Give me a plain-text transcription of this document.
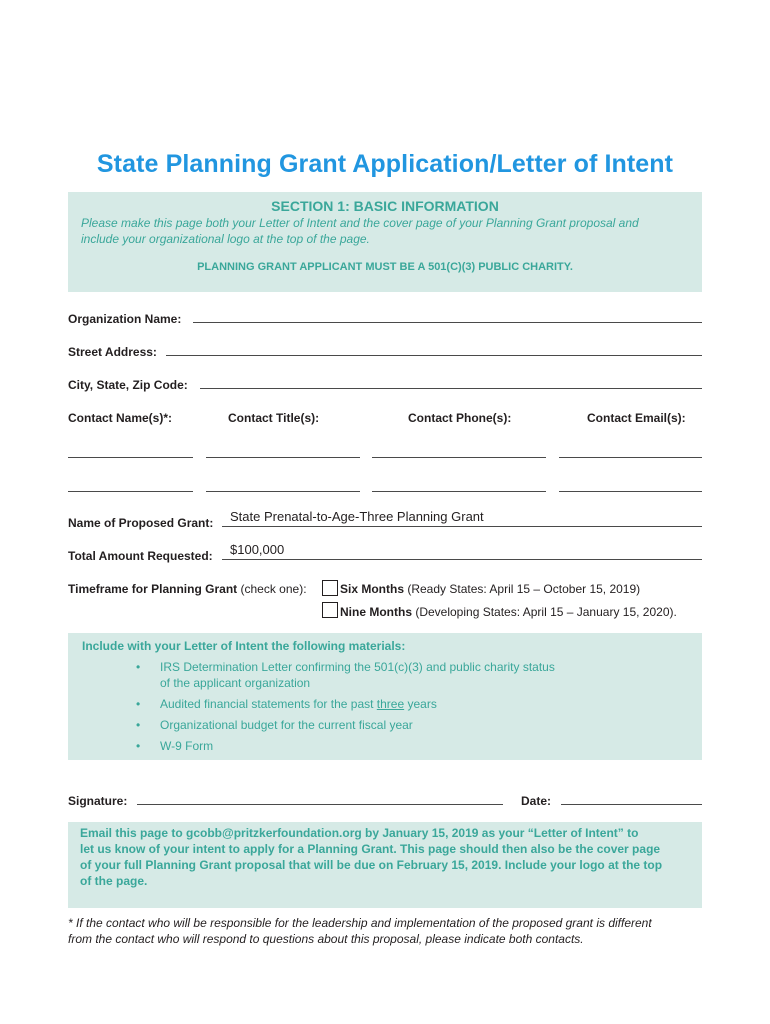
State Planning Grant Application/Letter of Intent
SECTION 1: BASIC INFORMATION
Please make this page both your Letter of Intent and the cover page of your Planning Grant proposal and
include your organizational logo at the top of the page.
PLANNING GRANT APPLICANT MUST BE A 501(C)(3) PUBLIC CHARITY.
Organization Name:
Street Address:
City, State, Zip Code:
Contact Name(s)*:	Contact Title(s):	Contact Phone(s):	Contact Email(s):
Name of Proposed Grant: State Prenatal-to-Age-Three Planning Grant
Total Amount Requested: $100,000
Timeframe for Planning Grant (check one):	Six Months (Ready States: April 15 – October 15, 2019)
Nine Months (Developing States: April 15 – January 15, 2020).
Include with your Letter of Intent the following materials:
• IRS Determination Letter confirming the 501(c)(3) and public charity status
of the applicant organization
• Audited financial statements for the past three years
• Organizational budget for the current fiscal year
• W-9 Form
Signature:	Date:
Email this page to gcobb@pritzkerfoundation.org by January 15, 2019 as your “Letter of Intent” to
let us know of your intent to apply for a Planning Grant. This page should then also be the cover page
of your full Planning Grant proposal that will be due on February 15, 2019. Include your logo at the top
of the page.
* If the contact who will be responsible for the leadership and implementation of the proposed grant is different
from the contact who will respond to questions about this proposal, please indicate both contacts.
